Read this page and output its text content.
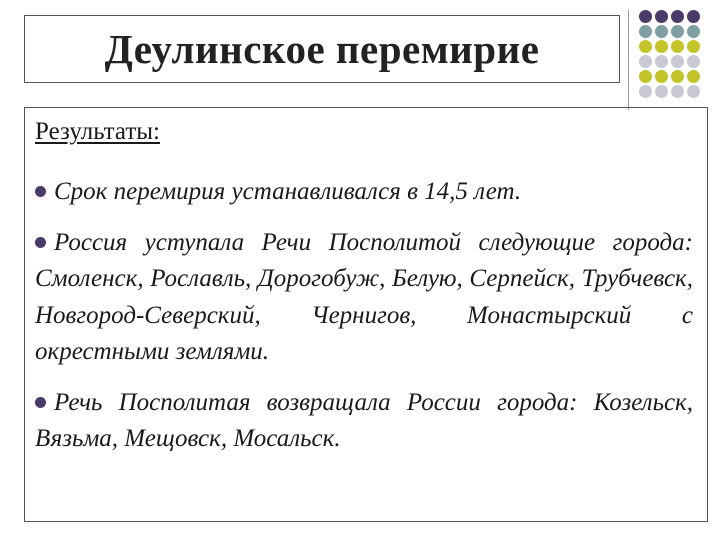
Деулинское перемирие
Результаты:

Срок перемирия устанавливался в 14,5 лет.

Россия уступала Речи Посполитой следующие города: Смоленск, Рославль, Дорогобуж, Белую, Серпейск, Трубчевск, Новгород-Северский, Чернигов, Монастырский с окрестными землями.

Речь Посполитая возвращала России города: Козельск, Вязьма, Мещовск, Мосальск.
